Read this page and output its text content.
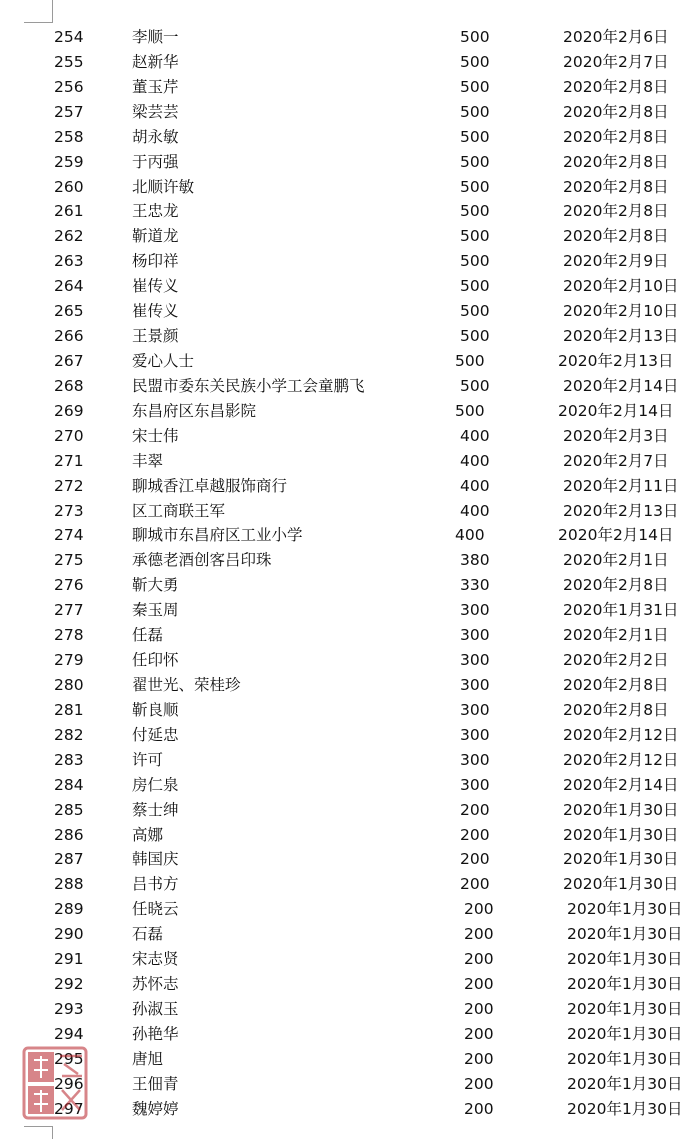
254	李顺一	500	2020年2月6日
255	赵新华	500	2020年2月7日
256	董玉芹	500	2020年2月8日
257	梁芸芸	500	2020年2月8日
258	胡永敏	500	2020年2月8日
259	于丙强	500	2020年2月8日
260	北顺许敏	500	2020年2月8日
261	王忠龙	500	2020年2月8日
262	靳道龙	500	2020年2月8日
263	杨印祥	500	2020年2月9日
264	崔传义	500	2020年2月10日
265	崔传义	500	2020年2月10日
266	王景颜	500	2020年2月13日
267	爱心人士	500	2020年2月13日
268	民盟市委东关民族小学工会童鹏飞	500	2020年2月14日
269	东昌府区东昌影院	500	2020年2月14日
270	宋士伟	400	2020年2月3日
271	丰翠	400	2020年2月7日
272	聊城香江卓越服饰商行	400	2020年2月11日
273	区工商联王军	400	2020年2月13日
274	聊城市东昌府区工业小学	400	2020年2月14日
275	承德老酒创客吕印珠	380	2020年2月1日
276	靳大勇	330	2020年2月8日
277	秦玉周	300	2020年1月31日
278	任磊	300	2020年2月1日
279	任印怀	300	2020年2月2日
280	翟世光、荣桂珍	300	2020年2月8日
281	靳良顺	300	2020年2月8日
282	付延忠	300	2020年2月12日
283	许可	300	2020年2月12日
284	房仁泉	300	2020年2月14日
285	蔡士绅	200	2020年1月30日
286	高娜	200	2020年1月30日
287	韩国庆	200	2020年1月30日
288	吕书方	200	2020年1月30日
289	任晓云	200	2020年1月30日
290	石磊	200	2020年1月30日
291	宋志贤	200	2020年1月30日
292	苏怀志	200	2020年1月30日
293	孙淑玉	200	2020年1月30日
294	孙艳华	200	2020年1月30日
295	唐旭	200	2020年1月30日
296	王佃青	200	2020年1月30日
297	魏婷婷	200	2020年1月30日
